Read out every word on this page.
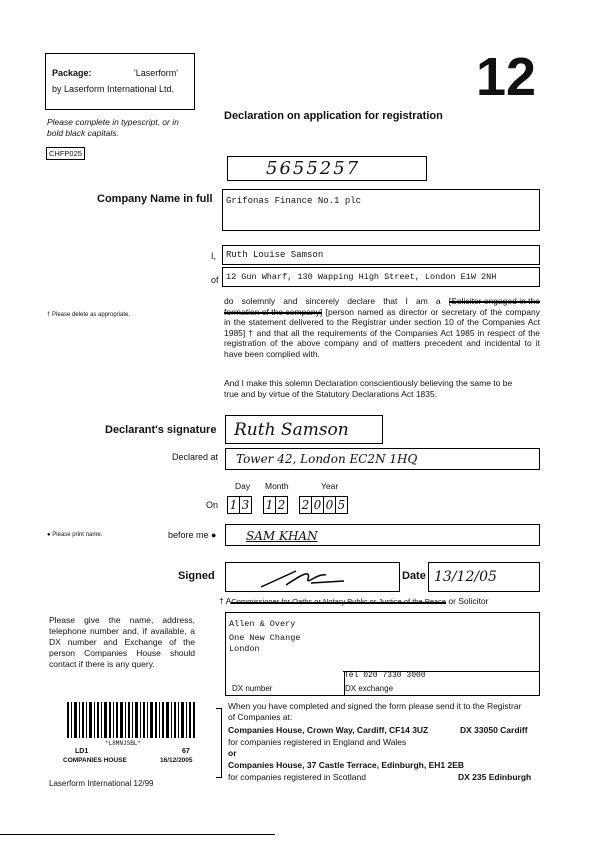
Package:	'Laserform'
by Laserform International Ltd.	12
Please complete in typescript, or in bold black capitals.
CHFP025
Declaration on application for registration
5655257
Company Name in full Grifonas Finance No.1 plc
I, Ruth Louise Samson
of 12 Gun Wharf, 130 Wapping High Street, London E1W 2NH
† Please delete as appropriate.
do solemnly and sincerely declare that I am a [Solicitor engaged in the formation of the company] [person named as director or secretary of the company in the statement delivered to the Registrar under section 10 of the Companies Act 1985] † and that all the requirements of the Companies Act 1985 in respect of the registration of the above company and of matters precedent and incidental to it have been complied with.
And I make this solemn Declaration conscientiously believing the same to be true and by virtue of the Statutory Declarations Act 1835.
Declarant's signature Ruth Samson
Declared at Tower 42, London EC2N 1HQ
Day Month	Year
On 1 3 1 2 2 0 0 5
● Please print name.	before me ● SAM KHAN
Signed	Date 13/12/05
† ACommissioner for Oaths or Notary Public or Justice of the Peace or Solicitor
Please give the name, address, telephone number and, if available, a DX number and Exchange of the person Companies House should contact if there is any query.
Allen & Overy
One New Change
London
Tel 020 7330 3000
DX number	DX exchange
*L8MNJSBL*
LD1	67
COMPANIES HOUSE	16/12/2005
Laserform International 12/99
When you have completed and signed the form please send it to the Registrar of Companies at:
Companies House, Crown Way, Cardiff, CF14 3UZ	DX 33050 Cardiff
for companies registered in England and Wales
or
Companies House, 37 Castle Terrace, Edinburgh, EH1 2EB
for companies registered in Scotland	DX 235 Edinburgh
